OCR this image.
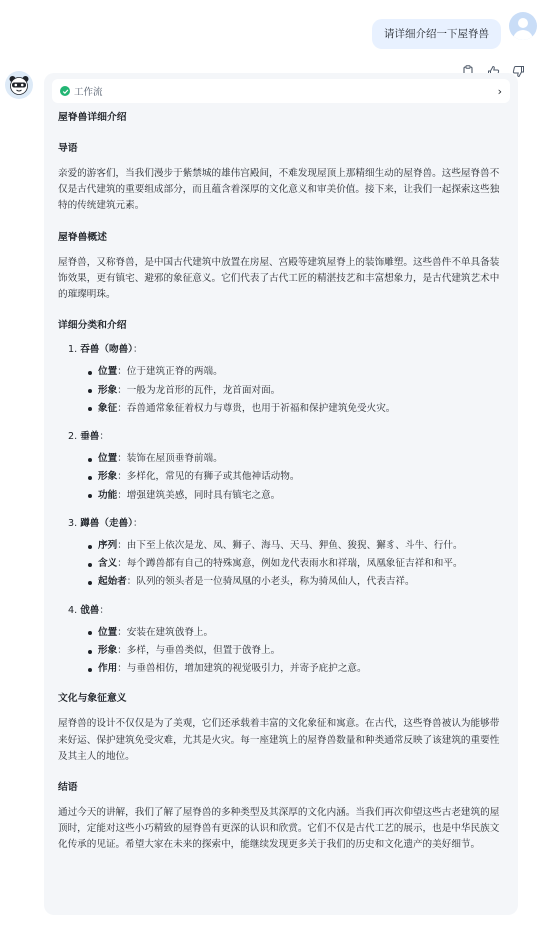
请详细介绍一下屋脊兽
工作流	›
屋脊兽详细介绍
导语
亲爱的游客们，当我们漫步于紫禁城的雄伟宫殿间，不难发现屋顶上那精细生动的屋脊兽。这些屋脊兽不仅是古代建筑的重要组成部分，而且蕴含着深厚的文化意义和审美价值。接下来，让我们一起探索这些独特的传统建筑元素。
屋脊兽概述
屋脊兽，又称脊兽，是中国古代建筑中放置在房屋、宫殿等建筑屋脊上的装饰雕塑。这些兽件不单具备装饰效果，更有镇宅、避邪的象征意义。它们代表了古代工匠的精湛技艺和丰富想象力，是古代建筑艺术中的璀璨明珠。
详细分类和介绍
1. 吞兽（吻兽）：
位置：位于建筑正脊的两端。
形象：一般为龙首形的瓦件，龙首面对面。
象征：吞兽通常象征着权力与尊贵，也用于祈福和保护建筑免受火灾。
2. 垂兽：
位置：装饰在屋顶垂脊前端。
形象：多样化，常见的有狮子或其他神话动物。
功能：增强建筑美感，同时具有镇宅之意。
3. 蹲兽（走兽）：
序列：由下至上依次是龙、凤、狮子、海马、天马、狎鱼、狻猊、獬豸、斗牛、行什。
含义：每个蹲兽都有自己的特殊寓意，例如龙代表雨水和祥瑞，凤凰象征吉祥和和平。
起始者：队列的领头者是一位骑凤凰的小老头，称为骑凤仙人，代表吉祥。
4. 戗兽：
位置：安装在建筑戗脊上。
形象：多样，与垂兽类似，但置于戗脊上。
作用：与垂兽相仿，增加建筑的视觉吸引力，并寄予庇护之意。
文化与象征意义
屋脊兽的设计不仅仅是为了美观，它们还承载着丰富的文化象征和寓意。在古代，这些脊兽被认为能够带来好运、保护建筑免受灾难，尤其是火灾。每一座建筑上的屋脊兽数量和种类通常反映了该建筑的重要性及其主人的地位。
结语
通过今天的讲解，我们了解了屋脊兽的多种类型及其深厚的文化内涵。当我们再次仰望这些古老建筑的屋顶时，定能对这些小巧精致的屋脊兽有更深的认识和欣赏。它们不仅是古代工艺的展示，也是中华民族文化传承的见证。希望大家在未来的探索中，能继续发现更多关于我们的历史和文化遗产的美好细节。
